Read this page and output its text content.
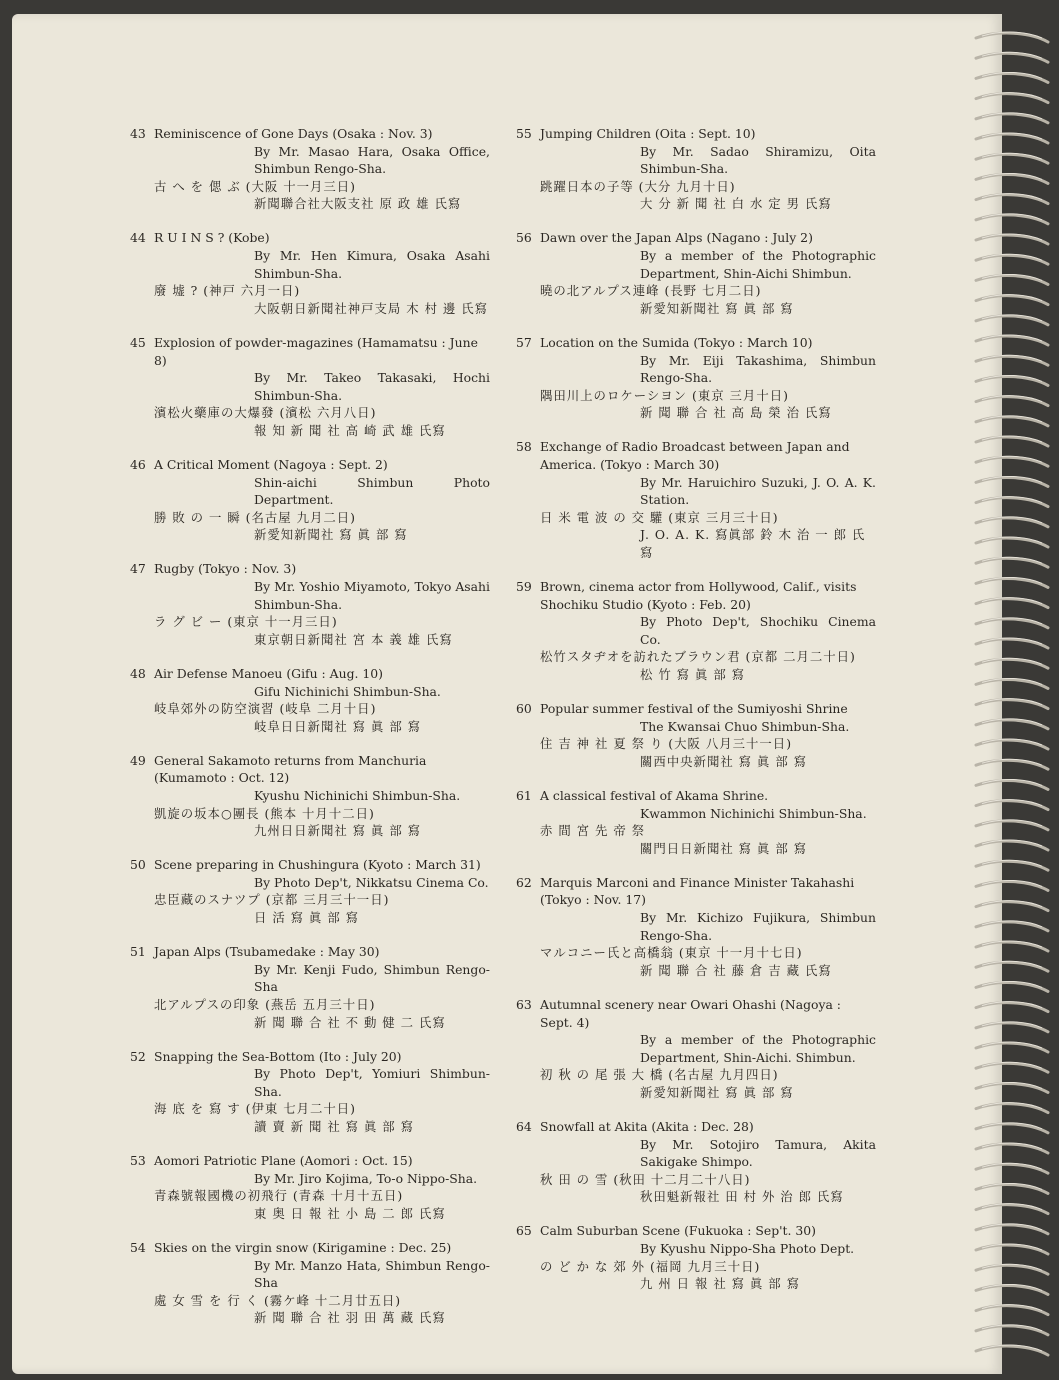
43 Reminiscence of Gone Days (Osaka : Nov. 3)
By Mr. Masao Hara, Osaka Office, Shimbun Rengo-Sha.
古 へ を 偲 ぶ (大阪 十一月三日)
新聞聯合社大阪支社 原 政 雄 氏寫
44 R U I N S ? (Kobe)
By Mr. Hen Kimura, Osaka Asahi Shimbun-Sha.
廢 墟 ? (神戸 六月一日)
大阪朝日新聞社神戸支局 木 村 邊 氏寫
45 Explosion of powder-magazines (Hamamatsu : June 8)
By Mr. Takeo Takasaki, Hochi Shimbun-Sha.
濱松火藥庫の大爆發 (濱松 六月八日)
報 知 新 聞 社 高 崎 武 雄 氏寫
46 A Critical Moment (Nagoya : Sept. 2)
Shin-aichi Shimbun Photo Department.
勝 敗 の 一 瞬 (名古屋 九月二日)
新愛知新聞社 寫 眞 部 寫
47 Rugby (Tokyo : Nov. 3)
By Mr. Yoshio Miyamoto, Tokyo Asahi Shimbun-Sha.
ラ グ ビ ー (東京 十一月三日)
東京朝日新聞社 宮 本 義 雄 氏寫
48 Air Defense Manoeu (Gifu : Aug. 10)
Gifu Nichinichi Shimbun-Sha.
岐阜郊外の防空演習 (岐阜 二月十日)
岐阜日日新聞社 寫 眞 部 寫
49 General Sakamoto returns from Manchuria (Kumamoto : Oct. 12)
Kyushu Nichinichi Shimbun-Sha.
凱旋の坂本○團長 (熊本 十月十二日)
九州日日新聞社 寫 眞 部 寫
50 Scene preparing in Chushingura (Kyoto : March 31)
By Photo Dep't, Nikkatsu Cinema Co.
忠臣藏のスナツプ (京都 三月三十一日)
日 活 寫 眞 部 寫
51 Japan Alps (Tsubamedake : May 30)
By Mr. Kenji Fudo, Shimbun Rengo-Sha
北アルプスの印象 (燕岳 五月三十日)
新 聞 聯 合 社 不 動 健 二 氏寫
52 Snapping the Sea-Bottom (Ito : July 20)
By Photo Dep't, Yomiuri Shimbun-Sha.
海 底 を 寫 す (伊東 七月二十日)
讀 賣 新 聞 社 寫 眞 部 寫
53 Aomori Patriotic Plane (Aomori : Oct. 15)
By Mr. Jiro Kojima, To-o Nippo-Sha.
青森號報國機の初飛行 (青森 十月十五日)
東 奥 日 報 社 小 島 二 郎 氏寫
54 Skies on the virgin snow (Kirigamine : Dec. 25)
By Mr. Manzo Hata, Shimbun Rengo-Sha
處 女 雪 を 行 く (霧ケ峰 十二月廿五日)
新 聞 聯 合 社 羽 田 萬 藏 氏寫
55 Jumping Children (Oita : Sept. 10)
By Mr. Sadao Shiramizu, Oita Shimbun-Sha.
跳躍日本の子等 (大分 九月十日)
大 分 新 聞 社 白 水 定 男 氏寫
56 Dawn over the Japan Alps (Nagano : July 2)
By a member of the Photographic Department, Shin-Aichi Shimbun.
曉の北アルプス連峰 (長野 七月二日)
新愛知新聞社 寫 眞 部 寫
57 Location on the Sumida (Tokyo : March 10)
By Mr. Eiji Takashima, Shimbun Rengo-Sha.
隅田川上のロケーシヨン (東京 三月十日)
新 聞 聯 合 社 高 島 榮 治 氏寫
58 Exchange of Radio Broadcast between Japan and America. (Tokyo : March 30)
By Mr. Haruichiro Suzuki, J. O. A. K. Station.
日 米 電 波 の 交 驩 (東京 三月三十日)
J. O. A. K. 寫眞部 鈴 木 治 一 郎 氏寫
59 Brown, cinema actor from Hollywood, Calif., visits Shochiku Studio (Kyoto : Feb. 20)
By Photo Dep't, Shochiku Cinema Co.
松竹スタヂオを訪れたブラウン君 (京都 二月二十日)
松 竹 寫 眞 部 寫
60 Popular summer festival of the Sumiyoshi Shrine
The Kwansai Chuo Shimbun-Sha.
住 吉 神 社 夏 祭 り (大阪 八月三十一日)
關西中央新聞社 寫 眞 部 寫
61 A classical festival of Akama Shrine.
Kwammon Nichinichi Shimbun-Sha.
赤 間 宮 先 帝 祭
關門日日新聞社 寫 眞 部 寫
62 Marquis Marconi and Finance Minister Takahashi (Tokyo : Nov. 17)
By Mr. Kichizo Fujikura, Shimbun Rengo-Sha.
マルコニー氏と高橋翁 (東京 十一月十七日)
新 聞 聯 合 社 藤 倉 吉 藏 氏寫
63 Autumnal scenery near Owari Ohashi (Nagoya : Sept. 4)
By a member of the Photographic Department, Shin-Aichi. Shimbun.
初 秋 の 尾 張 大 橋 (名古屋 九月四日)
新愛知新聞社 寫 眞 部 寫
64 Snowfall at Akita (Akita : Dec. 28)
By Mr. Sotojiro Tamura, Akita Sakigake Shimpo.
秋 田 の 雪 (秋田 十二月二十八日)
秋田魁新報社 田 村 外 治 郎 氏寫
65 Calm Suburban Scene (Fukuoka : Sep't. 30)
By Kyushu Nippo-Sha Photo Dept.
の ど か な 郊 外 (福岡 九月三十日)
九 州 日 報 社 寫 眞 部 寫
